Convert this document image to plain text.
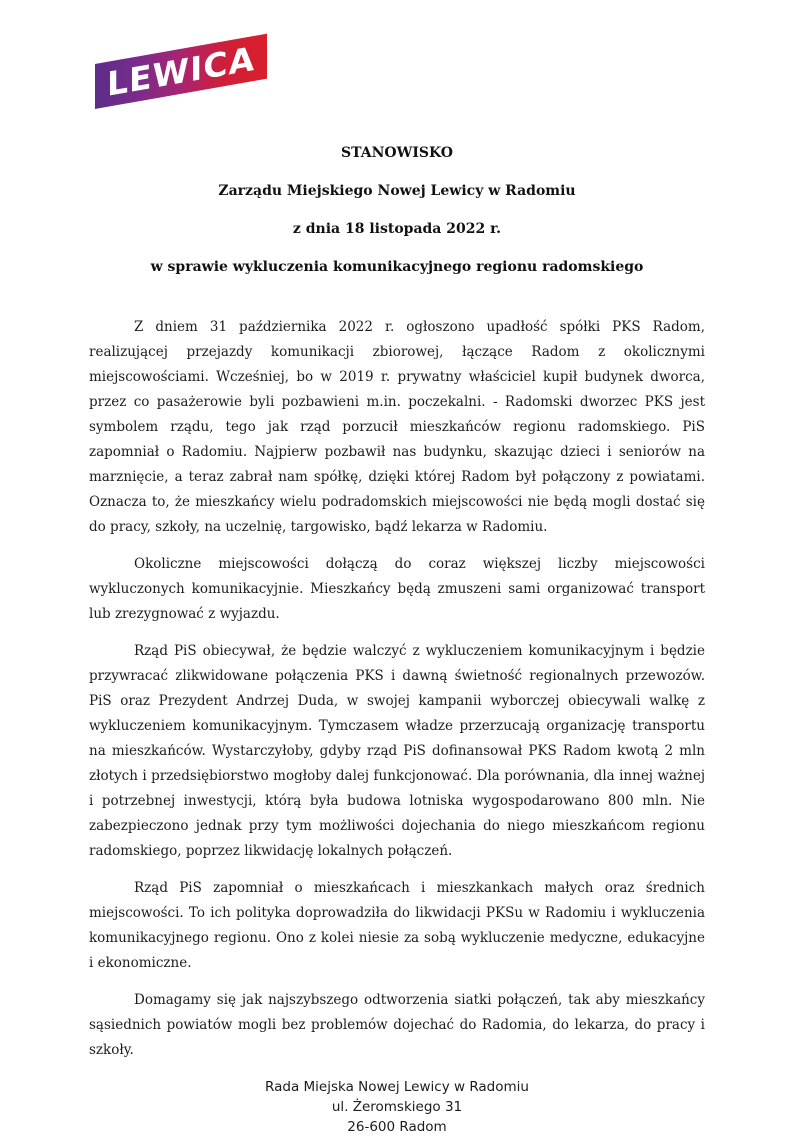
LEWICA

STANOWISKO

Zarządu Miejskiego Nowej Lewicy w Radomiu

z dnia 18 listopada 2022 r.

w sprawie wykluczenia komunikacyjnego regionu radomskiego

Z dniem 31 października 2022 r. ogłoszono upadłość spółki PKS Radom, realizującej przejazdy komunikacji zbiorowej, łączące Radom z okolicznymi miejscowościami. Wcześniej, bo w 2019 r. prywatny właściciel kupił budynek dworca, przez co pasażerowie byli pozbawieni m.in. poczekalni. - Radomski dworzec PKS jest symbolem rządu, tego jak rząd porzucił mieszkańców regionu radomskiego. PiS zapomniał o Radomiu. Najpierw pozbawił nas budynku, skazując dzieci i seniorów na marznięcie, a teraz zabrał nam spółkę, dzięki której Radom był połączony z powiatami. Oznacza to, że mieszkańcy wielu podradomskich miejscowości nie będą mogli dostać się do pracy, szkoły, na uczelnię, targowisko, bądź lekarza w Radomiu.

Okoliczne miejscowości dołączą do coraz większej liczby miejscowości wykluczonych komunikacyjnie. Mieszkańcy będą zmuszeni sami organizować transport lub zrezygnować z wyjazdu.

Rząd PiS obiecywał, że będzie walczyć z wykluczeniem komunikacyjnym i będzie przywracać zlikwidowane połączenia PKS i dawną świetność regionalnych przewozów. PiS oraz Prezydent Andrzej Duda, w swojej kampanii wyborczej obiecywali walkę z wykluczeniem komunikacyjnym. Tymczasem władze przerzucają organizację transportu na mieszkańców. Wystarczyłoby, gdyby rząd PiS dofinansował PKS Radom kwotą 2 mln złotych i przedsiębiorstwo mogłoby dalej funkcjonować. Dla porównania, dla innej ważnej i potrzebnej inwestycji, którą była budowa lotniska wygospodarowano 800 mln. Nie zabezpieczono jednak przy tym możliwości dojechania do niego mieszkańcom regionu radomskiego, poprzez likwidację lokalnych połączeń.

Rząd PiS zapomniał o mieszkańcach i mieszkankach małych oraz średnich miejscowości. To ich polityka doprowadziła do likwidacji PKSu w Radomiu i wykluczenia komunikacyjnego regionu. Ono z kolei niesie za sobą wykluczenie medyczne, edukacyjne i ekonomiczne.

Domagamy się jak najszybszego odtworzenia siatki połączeń, tak aby mieszkańcy sąsiednich powiatów mogli bez problemów dojechać do Radomia, do lekarza, do pracy i szkoły.

Rada Miejska Nowej Lewicy w Radomiu

ul. Żeromskiego 31

26-600 Radom
